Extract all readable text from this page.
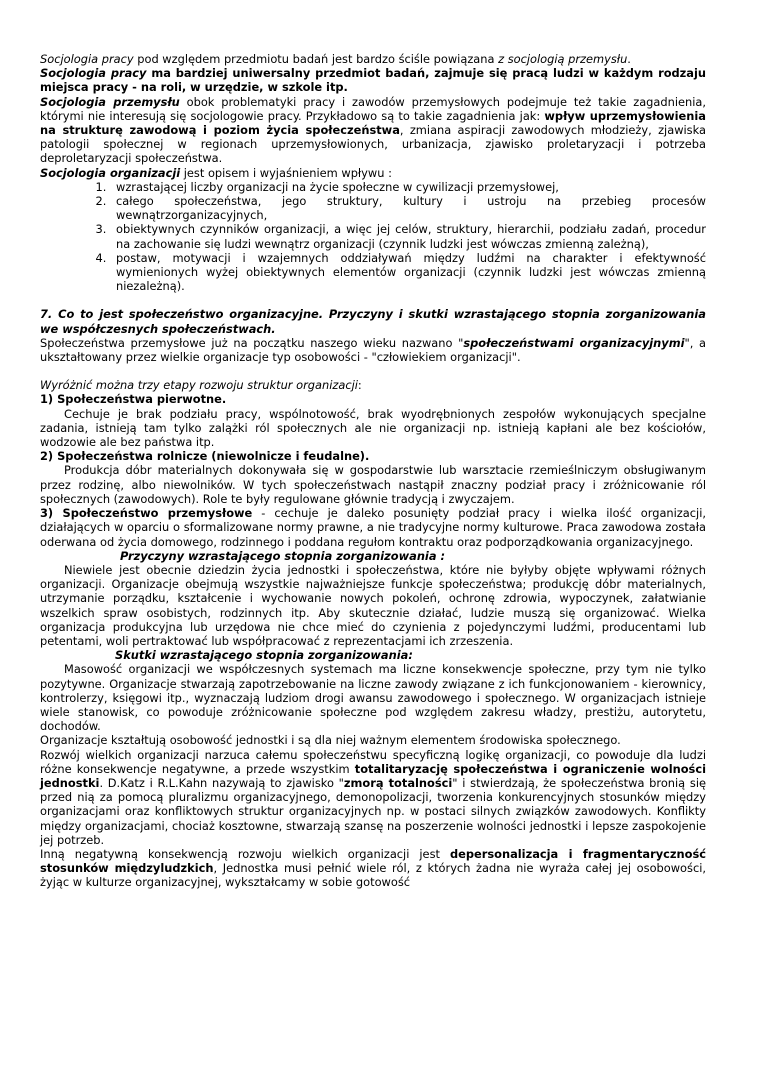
Socjologia pracy pod względem przedmiotu badań jest bardzo ściśle powiązana z socjologią przemysłu.

Socjologia pracy ma bardziej uniwersalny przedmiot badań, zajmuje się pracą ludzi w każdym rodzaju miejsca pracy - na roli, w urzędzie, w szkole itp.

Socjologia przemysłu obok problematyki pracy i zawodów przemysłowych podejmuje też takie zagadnienia, którymi nie interesują się socjologowie pracy. Przykładowo są to takie zagadnienia jak: wpływ uprzemysłowienia na strukturę zawodową i poziom życia społeczeństwa, zmiana aspiracji zawodowych młodzieży, zjawiska patologii społecznej w regionach uprzemysłowionych, urbanizacja, zjawisko proletaryzacji i potrzeba deproletaryzacji społeczeństwa.

Socjologia organizacji jest opisem i wyjaśnieniem wpływu :

1. wzrastającej liczby organizacji na życie społeczne w cywilizacji przemysłowej,
2. całego społeczeństwa, jego struktury, kultury i ustroju na przebieg procesów wewnątrzorganizacyjnych,
3. obiektywnych czynników organizacji, a więc jej celów, struktury, hierarchii, podziału zadań, procedur na zachowanie się ludzi wewnątrz organizacji (czynnik ludzki jest wówczas zmienną zależną),
4. postaw, motywacji i wzajemnych oddziaływań między ludźmi na charakter i efektywność wymienionych wyżej obiektywnych elementów organizacji (czynnik ludzki jest wówczas zmienną niezależną).

7. Co to jest społeczeństwo organizacyjne. Przyczyny i skutki wzrastającego stopnia zorganizowania we współczesnych społeczeństwach.

Społeczeństwa przemysłowe już na początku naszego wieku nazwano "społeczeństwami organizacyjnymi", a ukształtowany przez wielkie organizacje typ osobowości - "człowiekiem organizacji".

Wyróżnić można trzy etapy rozwoju struktur organizacji:

1) Społeczeństwa pierwotne.

Cechuje je brak podziału pracy, wspólnotowość, brak wyodrębnionych zespołów wykonujących specjalne zadania, istnieją tam tylko zalążki ról społecznych ale nie organizacji np. istnieją kapłani ale bez kościołów, wodzowie ale bez państwa itp.

2) Społeczeństwa rolnicze (niewolnicze i feudalne).

Produkcja dóbr materialnych dokonywała się w gospodarstwie lub warsztacie rzemieślniczym obsługiwanym przez rodzinę, albo niewolników. W tych społeczeństwach nastąpił znaczny podział pracy i zróżnicowanie ról społecznych (zawodowych). Role te były regulowane głównie tradycją i zwyczajem.

3) Społeczeństwo przemysłowe - cechuje je daleko posunięty podział pracy i wielka ilość organizacji, działających w oparciu o sformalizowane normy prawne, a nie tradycyjne normy kulturowe. Praca zawodowa została oderwana od życia domowego, rodzinnego i poddana regułom kontraktu oraz podporządkowania organizacyjnego.

Przyczyny wzrastającego stopnia zorganizowania :

Niewiele jest obecnie dziedzin życia jednostki i społeczeństwa, które nie byłyby objęte wpływami różnych organizacji. Organizacje obejmują wszystkie najważniejsze funkcje społeczeństwa; produkcję dóbr materialnych, utrzymanie porządku, kształcenie i wychowanie nowych pokoleń, ochronę zdrowia, wypoczynek, załatwianie wszelkich spraw osobistych, rodzinnych itp. Aby skutecznie działać, ludzie muszą się organizować. Wielka organizacja produkcyjna lub urzędowa nie chce mieć do czynienia z pojedynczymi ludźmi, producentami lub petentami, woli pertraktować lub współpracować z reprezentacjami ich zrzeszenia.

Skutki wzrastającego stopnia zorganizowania:

Masowość organizacji we współczesnych systemach ma liczne konsekwencje społeczne, przy tym nie tylko pozytywne. Organizacje stwarzają zapotrzebowanie na liczne zawody związane z ich funkcjonowaniem - kierownicy, kontrolerzy, księgowi itp., wyznaczają ludziom drogi awansu zawodowego i społecznego. W organizacjach istnieje wiele stanowisk, co powoduje zróżnicowanie społeczne pod względem zakresu władzy, prestiżu, autorytetu, dochodów.

Organizacje kształtują osobowość jednostki i są dla niej ważnym elementem środowiska społecznego.

Rozwój wielkich organizacji narzuca całemu społeczeństwu specyficzną logikę organizacji, co powoduje dla ludzi różne konsekwencje negatywne, a przede wszystkim totalitaryzację społeczeństwa i ograniczenie wolności jednostki. D.Katz i R.L.Kahn nazywają to zjawisko "zmorą totalności" i stwierdzają, że społeczeństwa bronią się przed nią za pomocą pluralizmu organizacyjnego, demonopolizacji, tworzenia konkurencyjnych stosunków między organizacjami oraz konfliktowych struktur organizacyjnych np. w postaci silnych związków zawodowych. Konflikty między organizacjami, chociaż kosztowne, stwarzają szansę na poszerzenie wolności jednostki i lepsze zaspokojenie jej potrzeb.

Inną negatywną konsekwencją rozwoju wielkich organizacji jest depersonalizacja i fragmentaryczność stosunków międzyludzkich, Jednostka musi pełnić wiele ról, z których żadna nie wyraża całej jej osobowości, żyjąc w kulturze organizacyjnej, wykształcamy w sobie gotowość
